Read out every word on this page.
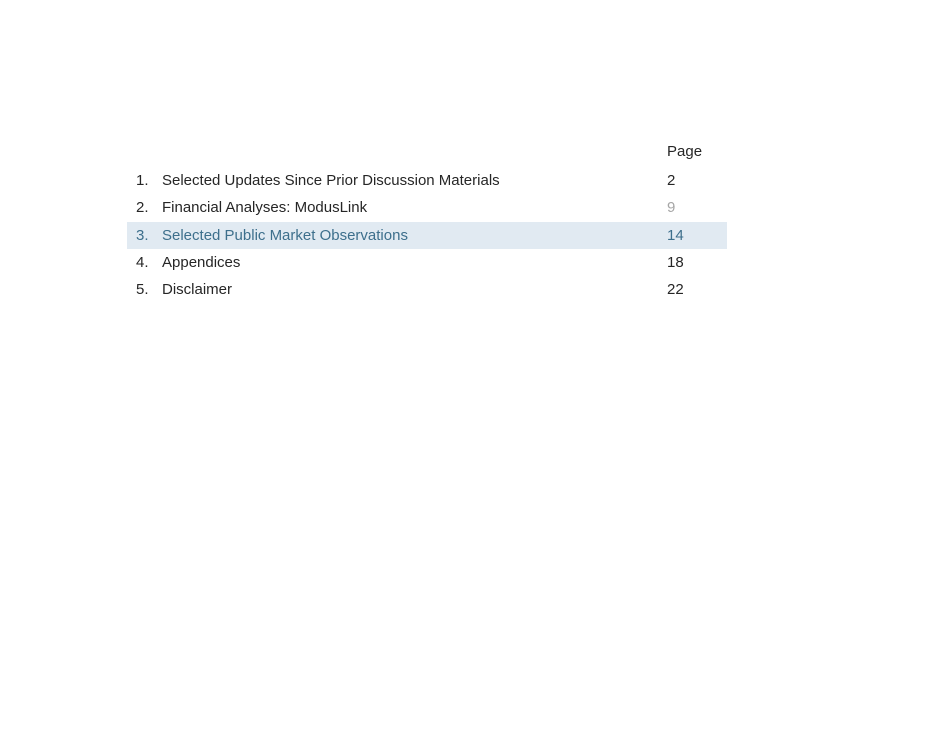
Page
1. Selected Updates Since Prior Discussion Materials	2
2. Financial Analyses: ModusLink	9
3. Selected Public Market Observations	14
4. Appendices	18
5. Disclaimer	22
